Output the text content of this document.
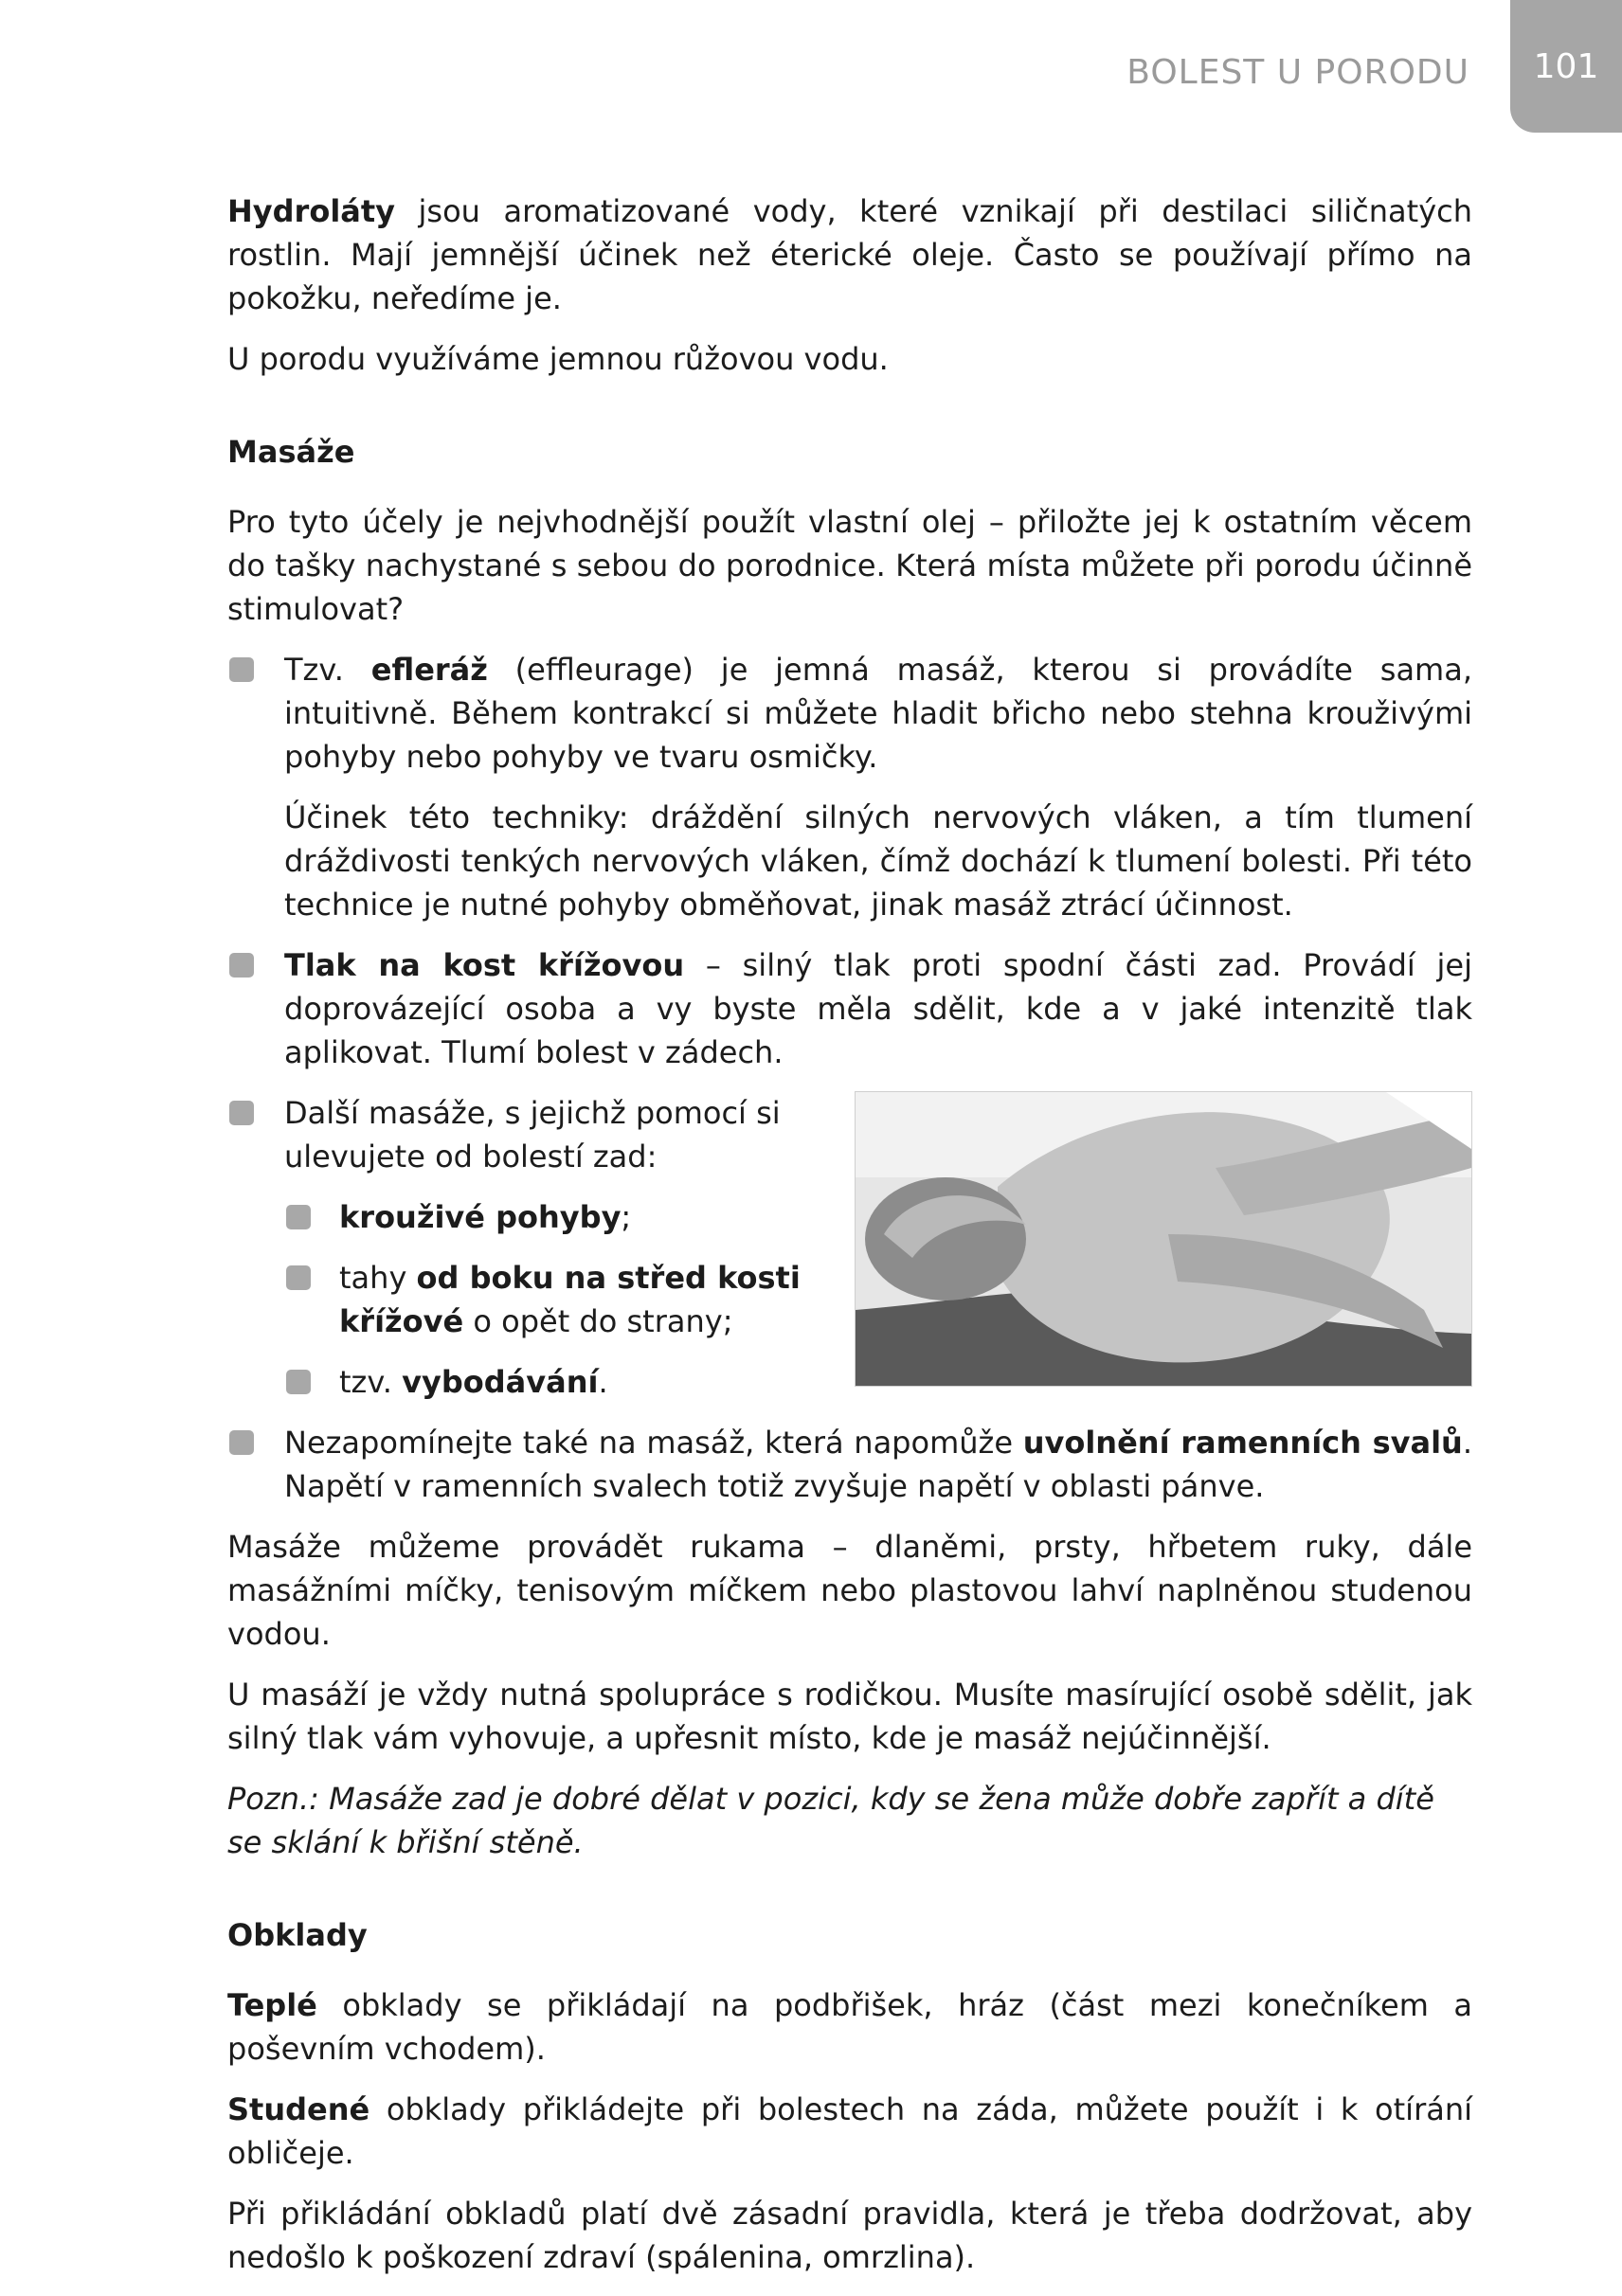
BOLEST U PORODU	101

Hydroláty jsou aromatizované vody, které vznikají při destilaci siličnatých rostlin. Mají jemnější účinek než éterické oleje. Často se používají přímo na pokožku, neředíme je.

U porodu využíváme jemnou růžovou vodu.

Masáže

Pro tyto účely je nejvhodnější použít vlastní olej – přiložte jej k ostatním věcem do tašky nachystané s sebou do porodnice. Která místa můžete při porodu účinně stimulovat?

Tzv. efleráž (effleurage) je jemná masáž, kterou si provádíte sama, intuitivně. Během kontrakcí si můžete hladit břicho nebo stehna krouživými pohyby nebo pohyby ve tvaru osmičky.

Účinek této techniky: dráždění silných nervových vláken, a tím tlumení dráždivosti tenkých nervových vláken, čímž dochází k tlumení bolesti. Při této technice je nutné pohyby obměňovat, jinak masáž ztrácí účinnost.

Tlak na kost křížovou – silný tlak proti spodní části zad. Provádí jej doprovázející osoba a vy byste měla sdělit, kde a v jaké intenzitě tlak aplikovat. Tlumí bolest v zádech.

Další masáže, s jejichž pomocí si ulevujete od bolestí zad:

krouživé pohyby;
tahy od boku na střed kosti křížové o opět do strany;
tzv. vybodávání.

Nezapomínejte také na masáž, která napomůže uvolnění ramenních svalů. Napětí v ramenních svalech totiž zvyšuje napětí v oblasti pánve.

Masáže můžeme provádět rukama – dlaněmi, prsty, hřbetem ruky, dále masážními míčky, tenisovým míčkem nebo plastovou lahví naplněnou studenou vodou.

U masáží je vždy nutná spolupráce s rodičkou. Musíte masírující osobě sdělit, jak silný tlak vám vyhovuje, a upřesnit místo, kde je masáž nejúčinnější.

Pozn.: Masáže zad je dobré dělat v pozici, kdy se žena může dobře zapřít a dítě se sklání k břišní stěně.

Obklady

Teplé obklady se přikládají na podbřišek, hráz (část mezi konečníkem a poševním vchodem).

Studené obklady přikládejte při bolestech na záda, můžete použít i k otírání obličeje.

Při přikládání obkladů platí dvě zásadní pravidla, která je třeba dodržovat, aby nedošlo k poškození zdraví (spálenina, omrzlina).
